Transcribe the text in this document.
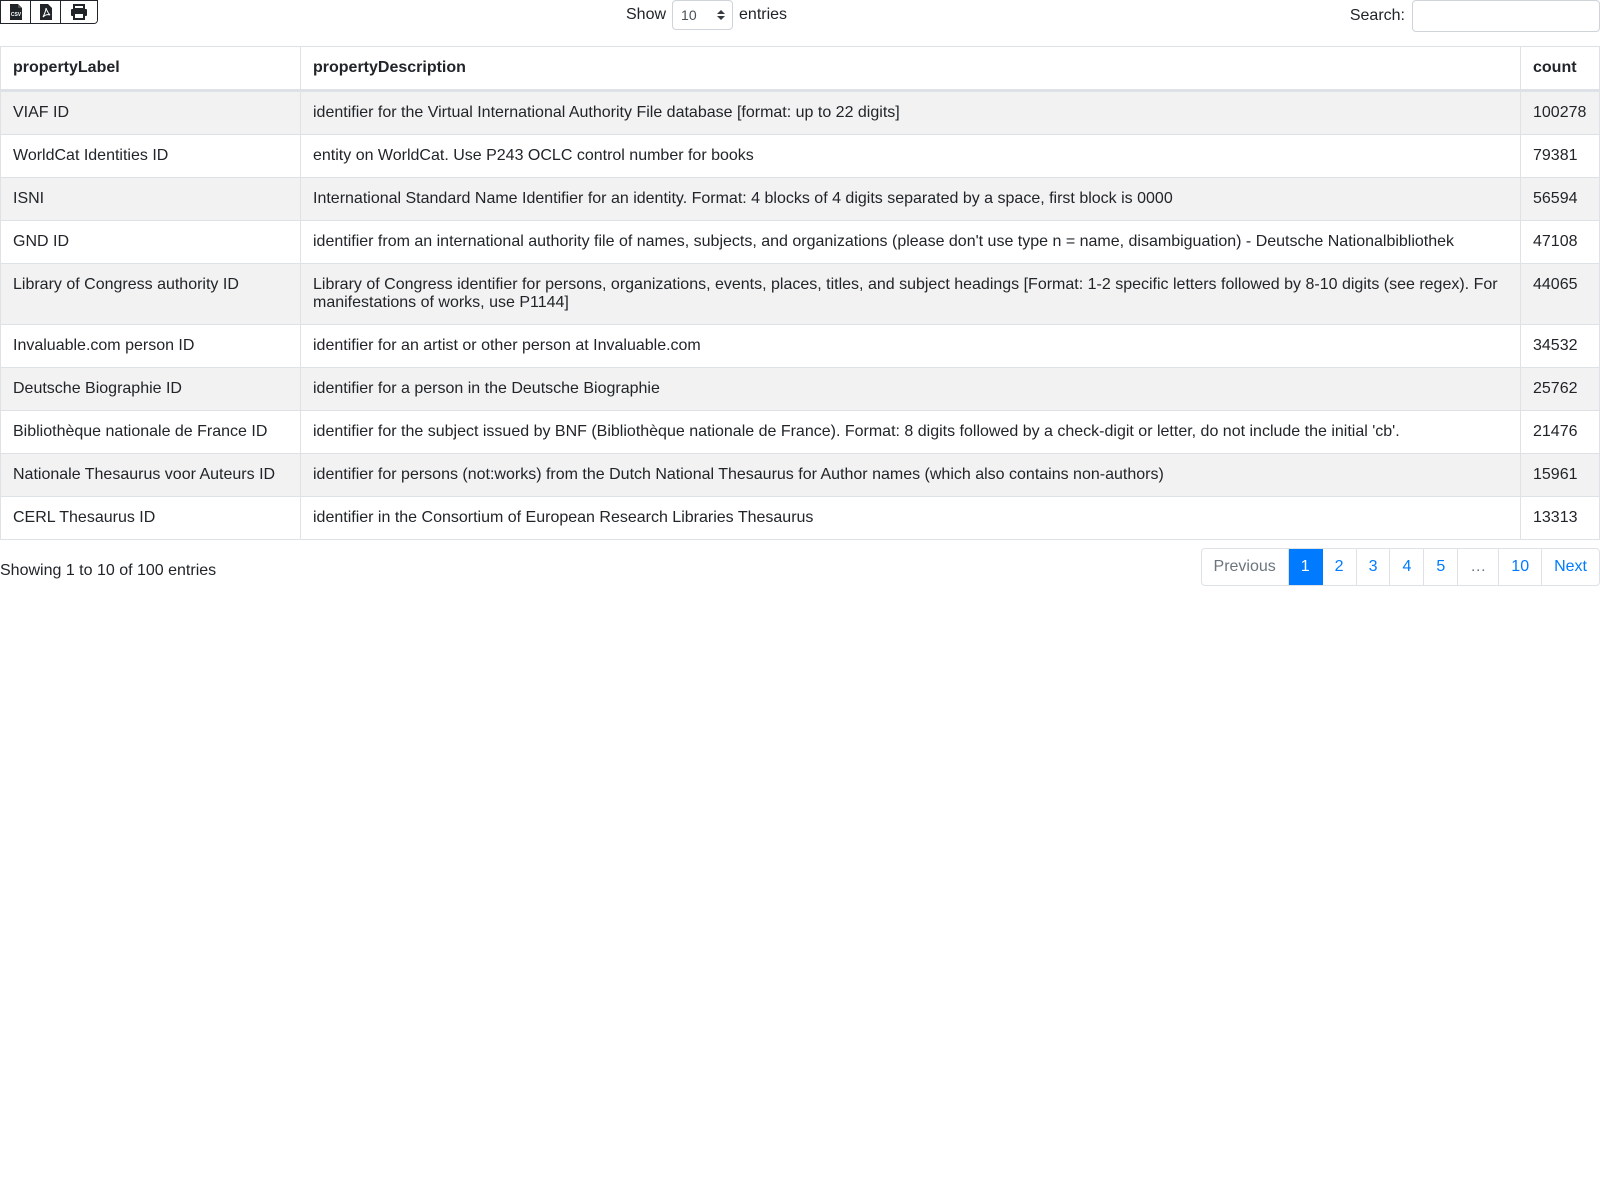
CSV	Show 10	entries	Search:
propertyLabel	propertyDescription	count
VIAF ID	identifier for the Virtual International Authority File database [format: up to 22 digits]	100278
WorldCat Identities ID	entity on WorldCat. Use P243 OCLC control number for books	79381
ISNI	International Standard Name Identifier for an identity. Format: 4 blocks of 4 digits separated by a space, first block is 0000	56594
GND ID	identifier from an international authority file of names, subjects, and organizations (please don't use type n = name, disambiguation) - Deutsche Nationalbibliothek	47108
Library of Congress authority ID	Library of Congress identifier for persons, organizations, events, places, titles, and subject headings [Format: 1-2 specific letters followed by 8-10 digits (see regex). For manifestations of works, use P1144]	44065
Invaluable.com person ID	identifier for an artist or other person at Invaluable.com	34532
Deutsche Biographie ID	identifier for a person in the Deutsche Biographie	25762
Bibliothèque nationale de France ID	identifier for the subject issued by BNF (Bibliothèque nationale de France). Format: 8 digits followed by a check-digit or letter, do not include the initial 'cb'.	21476
Nationale Thesaurus voor Auteurs ID	identifier for persons (not:works) from the Dutch National Thesaurus for Author names (which also contains non-authors)	15961
CERL Thesaurus ID	identifier in the Consortium of European Research Libraries Thesaurus	13313
Showing 1 to 10 of 100 entries	Previous	1	2	3	4	5	…	10	Next
